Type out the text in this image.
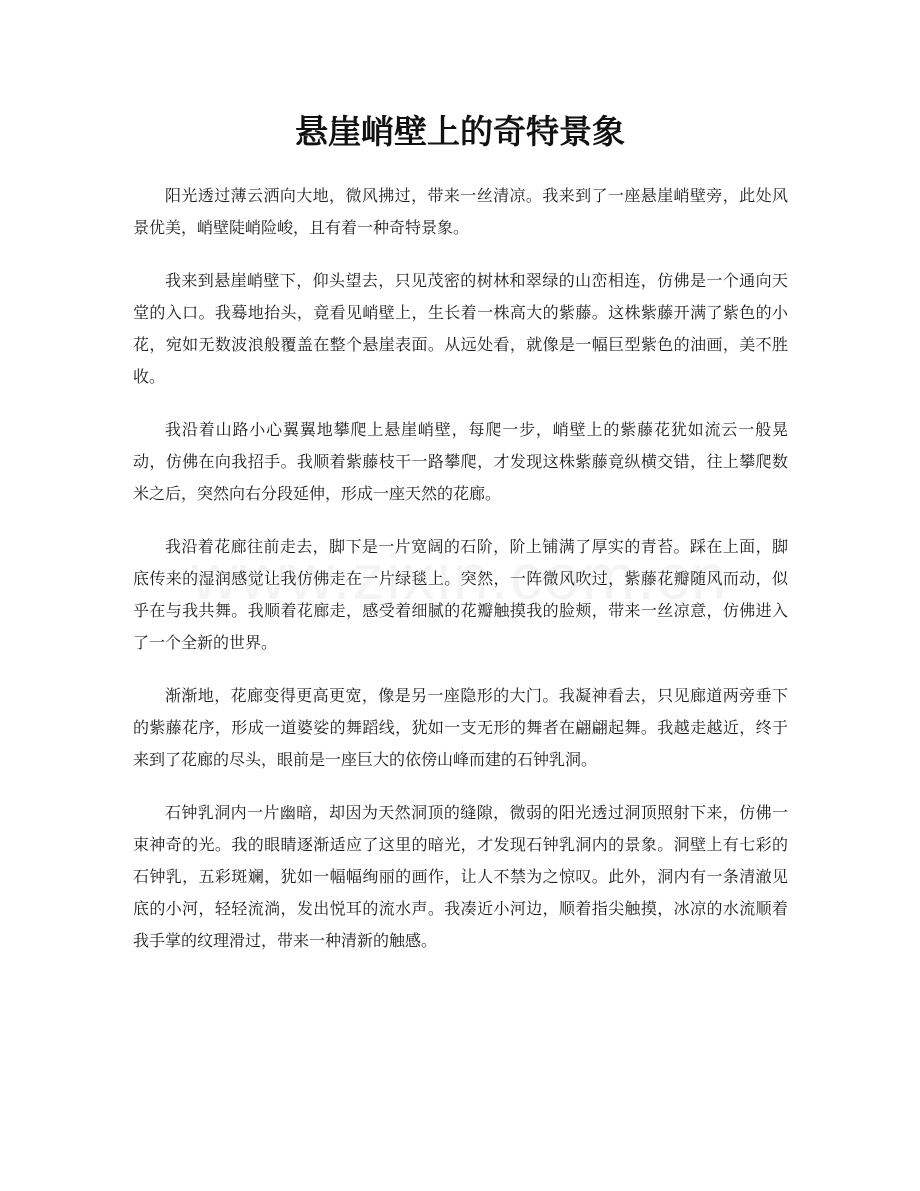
悬崖峭壁上的奇特景象

阳光透过薄云洒向大地，微风拂过，带来一丝清凉。我来到了一座悬崖峭壁旁，此处风景优美，峭壁陡峭险峻，且有着一种奇特景象。

我来到悬崖峭壁下，仰头望去，只见茂密的树林和翠绿的山峦相连，仿佛是一个通向天堂的入口。我蓦地抬头，竟看见峭壁上，生长着一株高大的紫藤。这株紫藤开满了紫色的小花，宛如无数波浪般覆盖在整个悬崖表面。从远处看，就像是一幅巨型紫色的油画，美不胜收。

我沿着山路小心翼翼地攀爬上悬崖峭壁，每爬一步，峭壁上的紫藤花犹如流云一般晃动，仿佛在向我招手。我顺着紫藤枝干一路攀爬，才发现这株紫藤竟纵横交错，往上攀爬数米之后，突然向右分段延伸，形成一座天然的花廊。

我沿着花廊往前走去，脚下是一片宽阔的石阶，阶上铺满了厚实的青苔。踩在上面，脚底传来的湿润感觉让我仿佛走在一片绿毯上。突然，一阵微风吹过，紫藤花瓣随风而动，似乎在与我共舞。我顺着花廊走，感受着细腻的花瓣触摸我的脸颊，带来一丝凉意，仿佛进入了一个全新的世界。

渐渐地，花廊变得更高更宽，像是另一座隐形的大门。我凝神看去，只见廊道两旁垂下的紫藤花序，形成一道婆娑的舞蹈线，犹如一支无形的舞者在翩翩起舞。我越走越近，终于来到了花廊的尽头，眼前是一座巨大的依傍山峰而建的石钟乳洞。

石钟乳洞内一片幽暗，却因为天然洞顶的缝隙，微弱的阳光透过洞顶照射下来，仿佛一束神奇的光。我的眼睛逐渐适应了这里的暗光，才发现石钟乳洞内的景象。洞壁上有七彩的石钟乳，五彩斑斓，犹如一幅幅绚丽的画作，让人不禁为之惊叹。此外，洞内有一条清澈见底的小河，轻轻流淌，发出悦耳的流水声。我凑近小河边，顺着指尖触摸，冰凉的水流顺着我手掌的纹理滑过，带来一种清新的触感。
